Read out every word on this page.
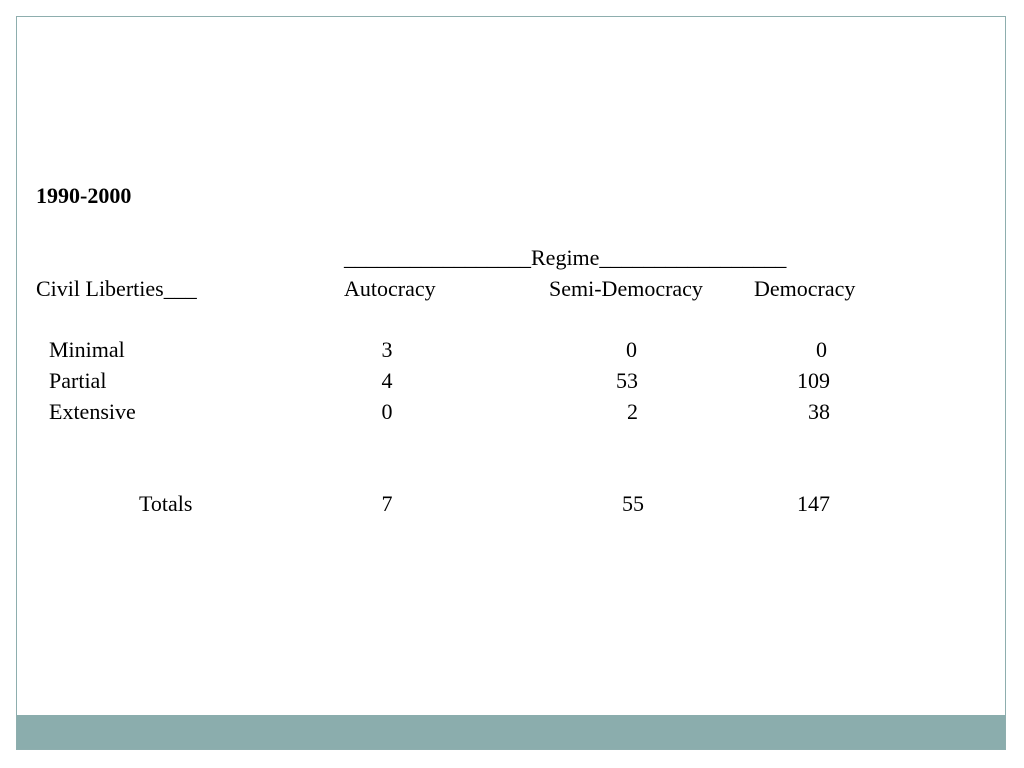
1990-2000
_________________Regime_________________
Civil Liberties___	Autocracy	Semi-Democracy Democracy
Minimal	3	0	0
Partial	4	53	109
Extensive	0	2	38
Totals	7	55	147
